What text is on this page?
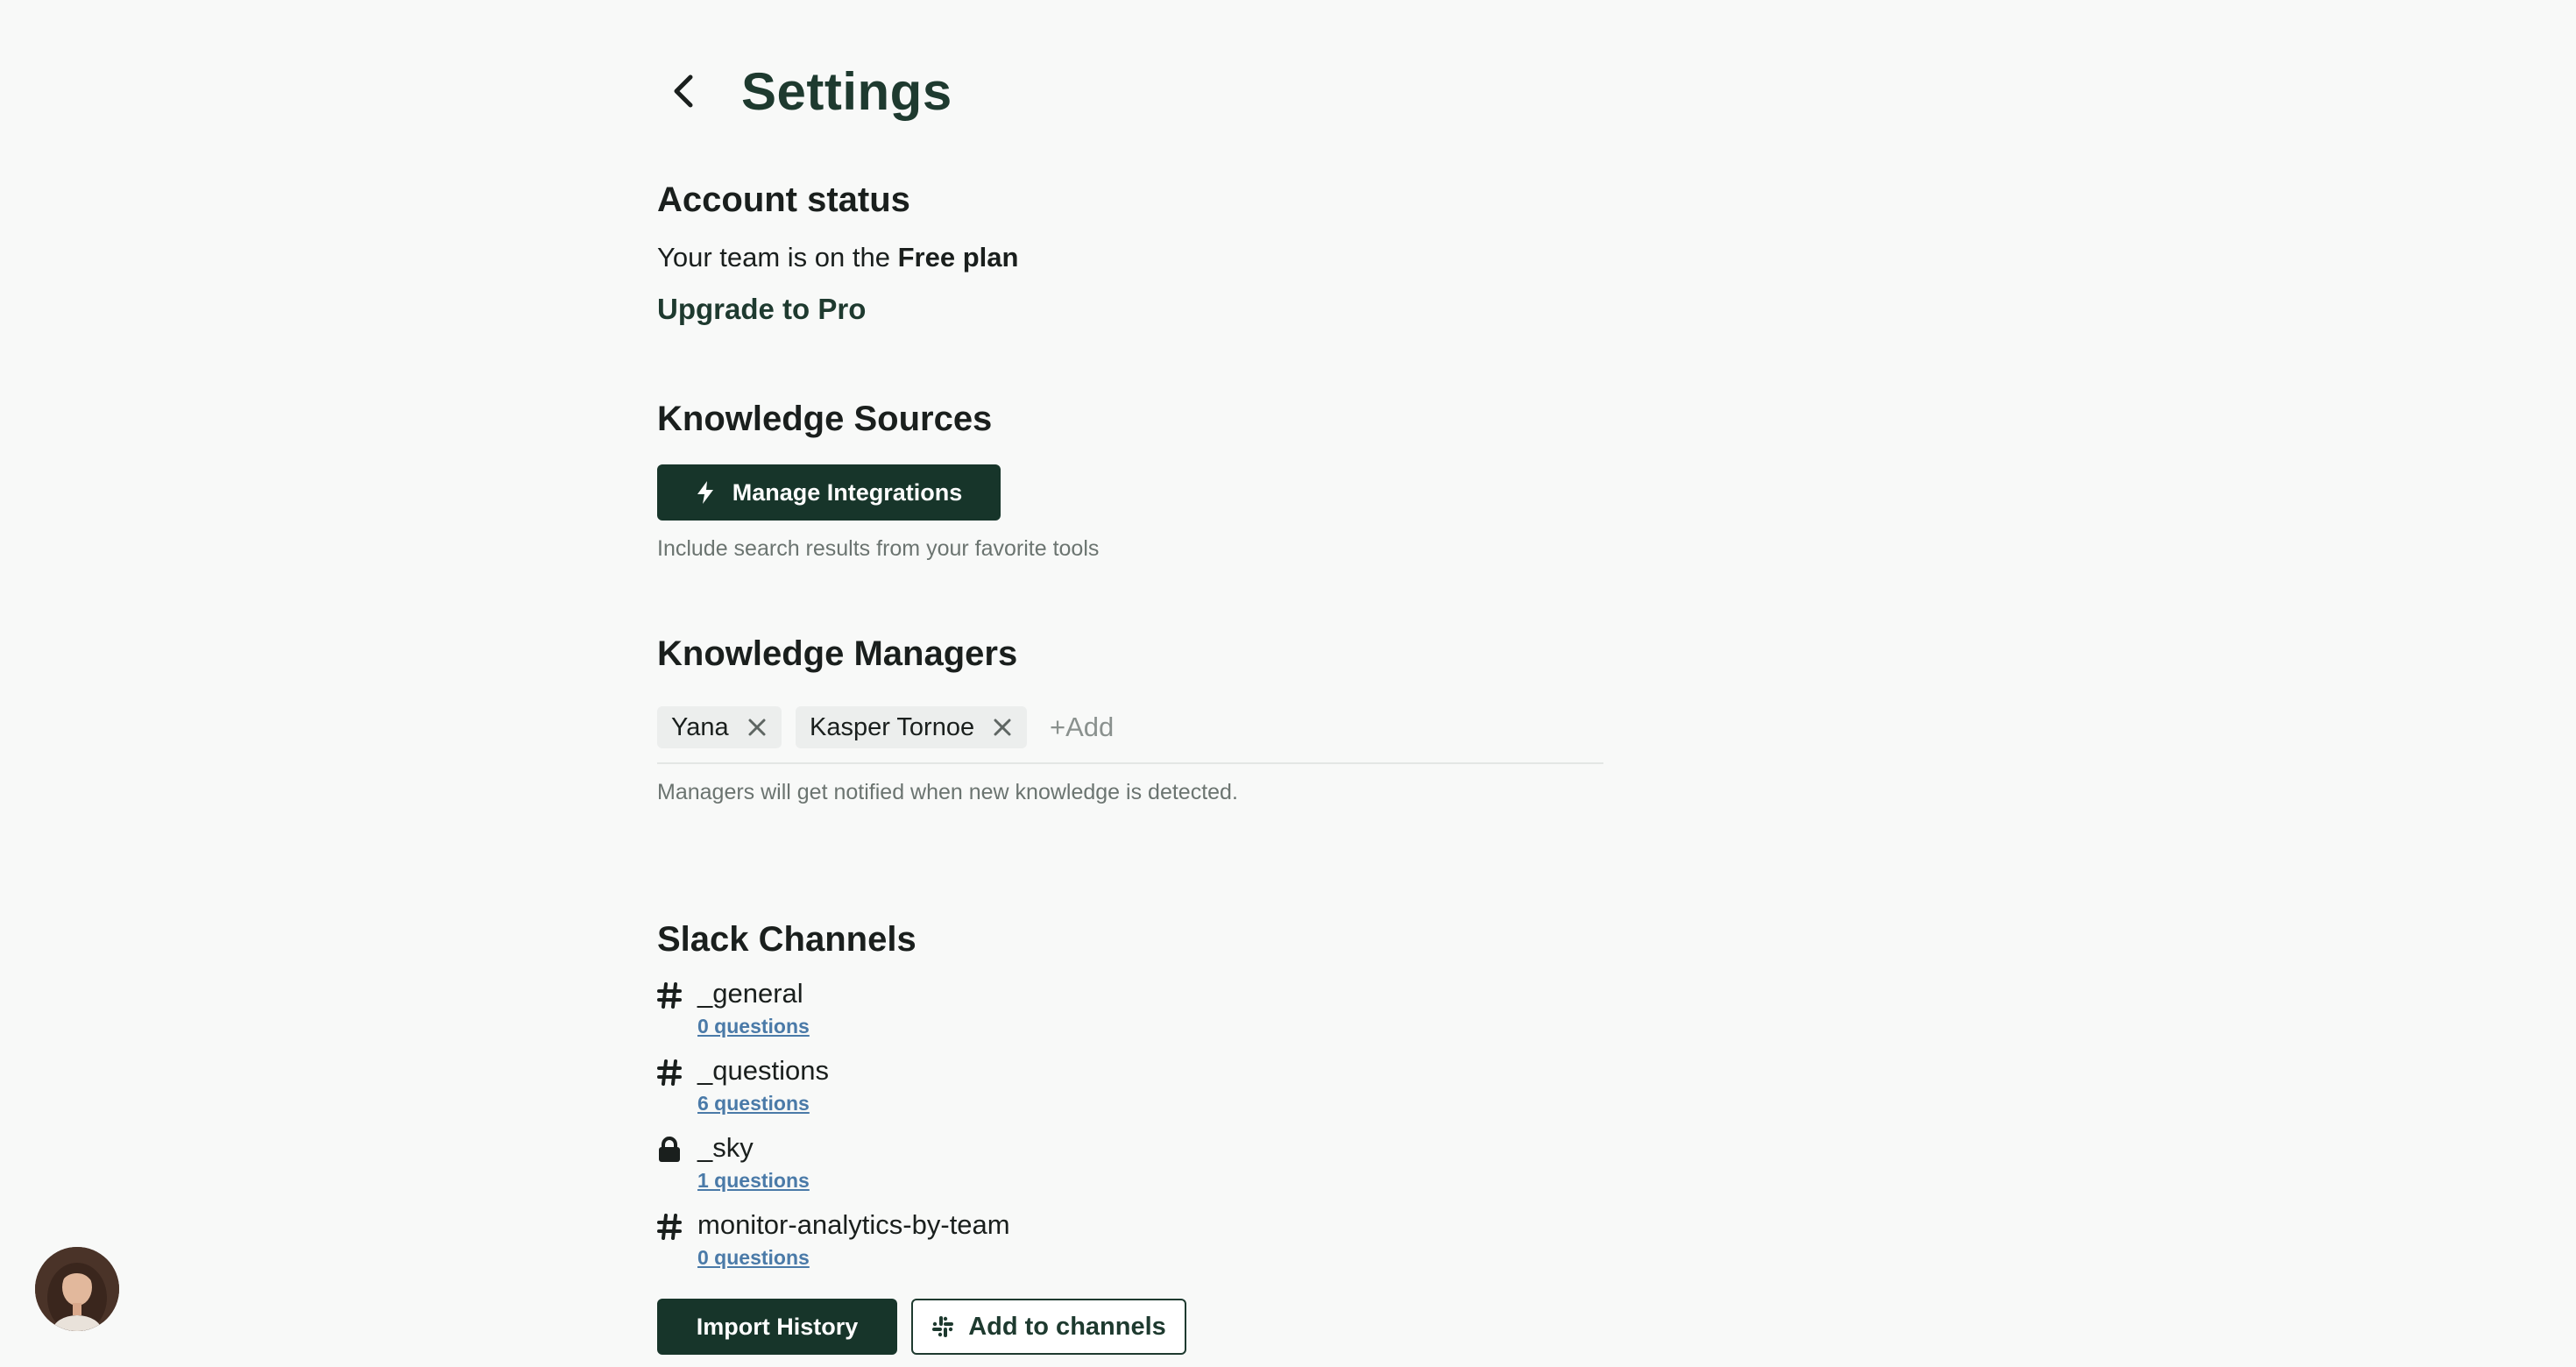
Settings
Account status
Your team is on the Free plan
Upgrade to Pro
Knowledge Sources
Manage Integrations
Include search results from your favorite tools
Knowledge Managers
Yana	Kasper Tornoe	+Add
Managers will get notified when new knowledge is detected.
Slack Channels
_general
0 questions
_questions
6 questions
_sky
1 questions
monitor-analytics-by-team
0 questions
Import History	Add to channels
